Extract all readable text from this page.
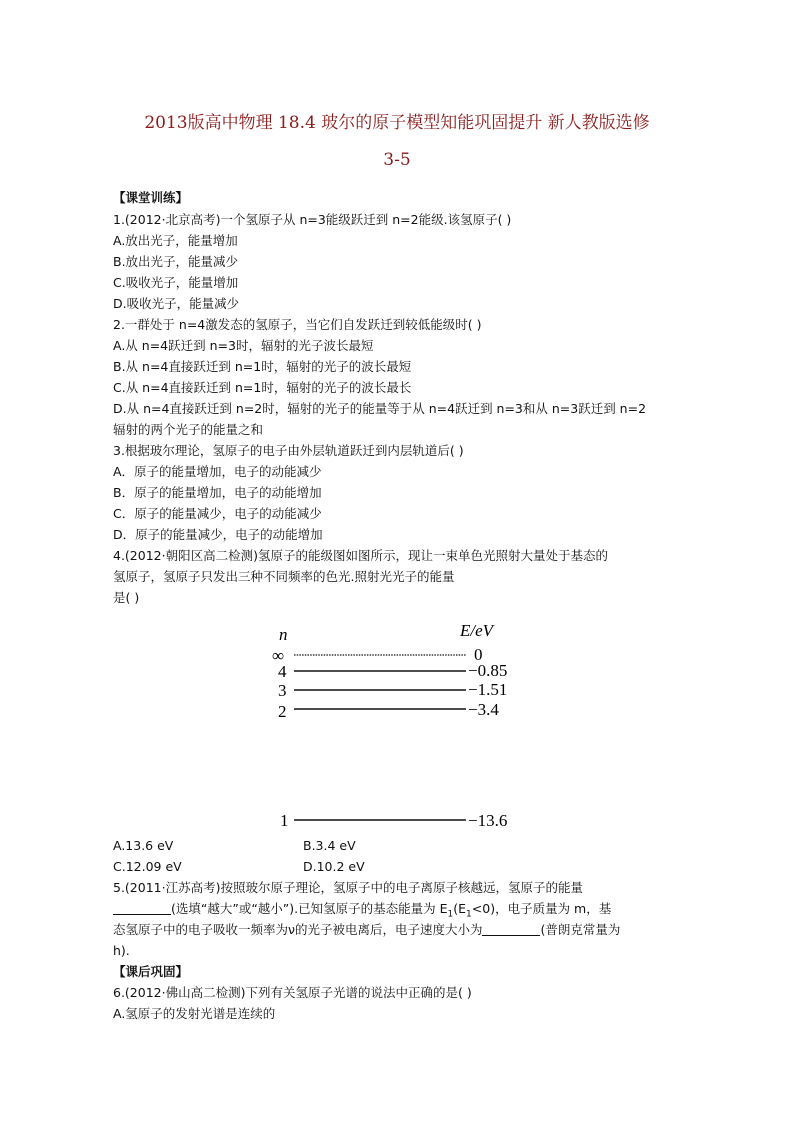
2013版高中物理 18.4 玻尔的原子模型知能巩固提升 新人教版选修
3-5
【课堂训练】
1.(2012·北京高考)一个氢原子从 n=3能级跃迁到 n=2能级.该氢原子( )
A.放出光子，能量增加
B.放出光子，能量减少
C.吸收光子，能量增加
D.吸收光子，能量减少
2.一群处于 n=4激发态的氢原子，当它们自发跃迁到较低能级时( )
A.从 n=4跃迁到 n=3时，辐射的光子波长最短
B.从 n=4直接跃迁到 n=1时，辐射的光子的波长最短
C.从 n=4直接跃迁到 n=1时，辐射的光子的波长最长
D.从 n=4直接跃迁到 n=2时，辐射的光子的能量等于从 n=4跃迁到 n=3和从 n=3跃迁到 n=2
辐射的两个光子的能量之和
3.根据玻尔理论，氢原子的电子由外层轨道跃迁到内层轨道后( )
A．原子的能量增加，电子的动能减少
B．原子的能量增加，电子的动能增加
C．原子的能量减少，电子的动能减少
D．原子的能量减少，电子的动能增加
4.(2012·朝阳区高二检测)氢原子的能级图如图所示，现让一束单色光照射大量处于基态的
氢原子，氢原子只发出三种不同频率的色光.照射光光子的能量
是( )
n	E/eV
∞	0
4	−0.85
3	−1.51
2	−3.4
1	−13.6
A.13.6 eV	B.3.4 eV
C.12.09 eV	D.10.2 eV
5.(2011·江苏高考)按照玻尔原子理论，氢原子中的电子离原子核越远，氢原子的能量
(选填“越大”或“越小”).已知氢原子的基态能量为 $E_1(E_1<0)$，电子质量为 m，基
态氢原子中的电子吸收一频率为ν的光子被电离后，电子速度大小为	(普朗克常量为
h).
【课后巩固】
6.(2012·佛山高二检测)下列有关氢原子光谱的说法中正确的是( )
A.氢原子的发射光谱是连续的
